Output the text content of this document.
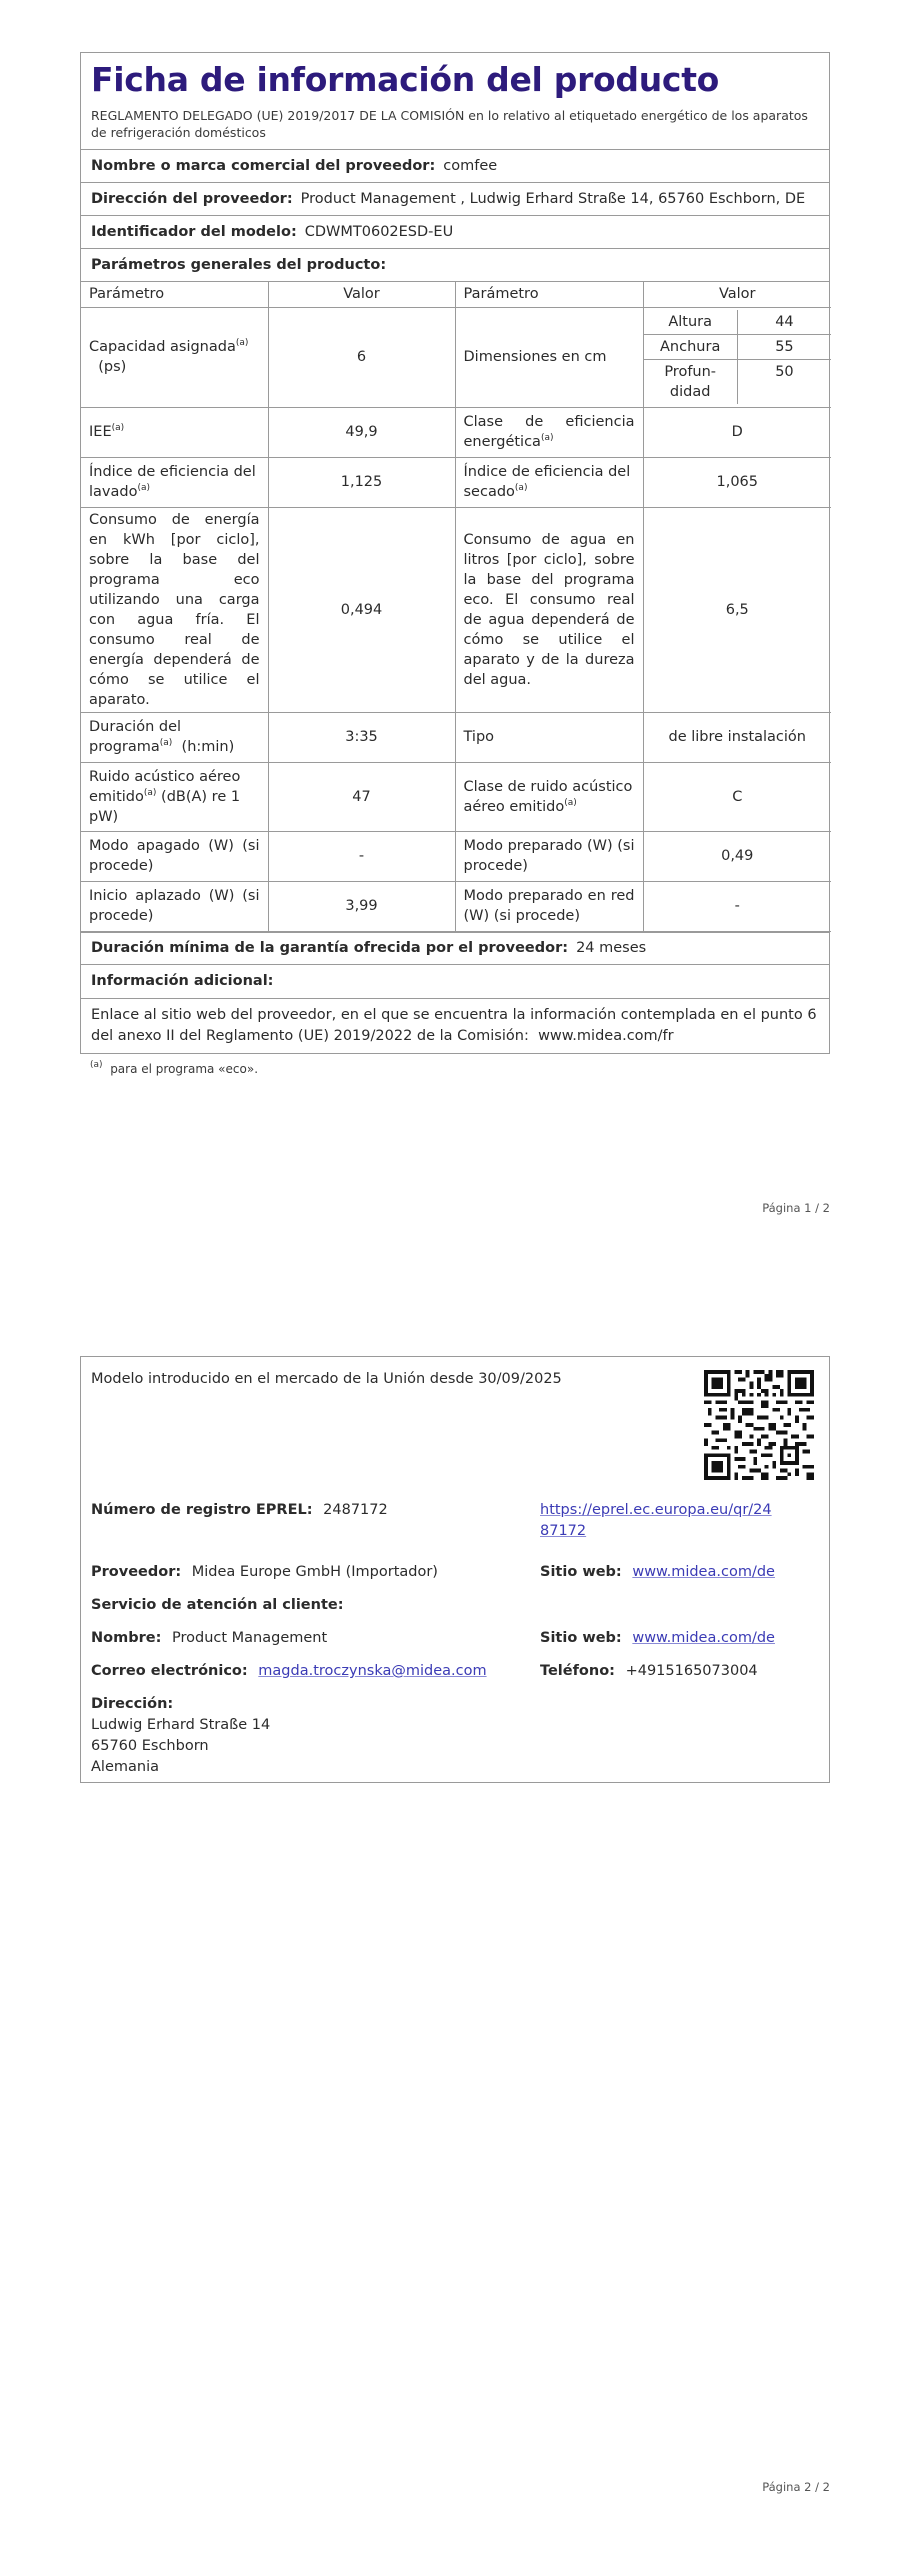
Ficha de información del producto
REGLAMENTO DELEGADO (UE) 2019/2017 DE LA COMISIÓN en lo relativo al etiquetado energético de los aparatos de refrigeración domésticos
Nombre o marca comercial del proveedor: comfee
Dirección del proveedor: Product Management , Ludwig Erhard Straße 14, 65760 Eschborn, DE
Identificador del modelo: CDWMT0602ESD-EU
Parámetros generales del producto:
Parámetro	Valor	Parámetro	Valor
Capacidad asignada$^{(a)}$
(ps)	6	Dimensiones en cm	
Altura	44
Anchura	55
Profun-didad	50

IEE$^{(a)}$	49,9	Clase de eficiencia energética$^{(a)}$	D
Índice de eficiencia del lavado$^{(a)}$	1,125	Índice de eficiencia del secado$^{(a)}$	1,065
Consumo de energía en kWh [por ciclo], sobre la base del programa eco utilizando una carga con agua fría. El consumo real de energía dependerá de cómo se utilice el aparato.	0,494	Consumo de agua en litros [por ciclo], sobre la base del programa eco. El consumo real de agua dependerá de cómo se utilice el aparato y de la dureza del agua.	6,5
Duración del programa$^{(a)}$ (h:min)	3:35	Tipo	de libre instalación
Ruido acústico aéreo emitido$^{(a)}$ (dB(A) re 1 pW)	47	Clase de ruido acústico aéreo emitido$^{(a)}$	C
Modo apagado (W) (si procede)	-	Modo preparado (W) (si procede)	0,49
Inicio aplazado (W) (si procede)	3,99	Modo preparado en red (W) (si procede)	-
Duración mínima de la garantía ofrecida por el proveedor: 24 meses
Información adicional:
Enlace al sitio web del proveedor, en el que se encuentra la información contemplada en el punto 6 del anexo II del Reglamento (UE) 2019/2022 de la Comisión: www.midea.com/fr
$^{(a)}$ para el programa «eco».
Página 1 / 2
Modelo introducido en el mercado de la Unión desde 30/09/2025
Número de registro EPREL: 2487172	https://eprel.ec.europa.eu/qr/24
87172
Proveedor: Midea Europe GmbH (Importador)	Sitio web: www.midea.com/de
Servicio de atención al cliente:
Nombre: Product Management	Sitio web: www.midea.com/de
Correo electrónico: magda.troczynska@midea.com	Teléfono: +4915165073004
Dirección:
Ludwig Erhard Straße 14
65760 Eschborn
Alemania
Página 2 / 2
